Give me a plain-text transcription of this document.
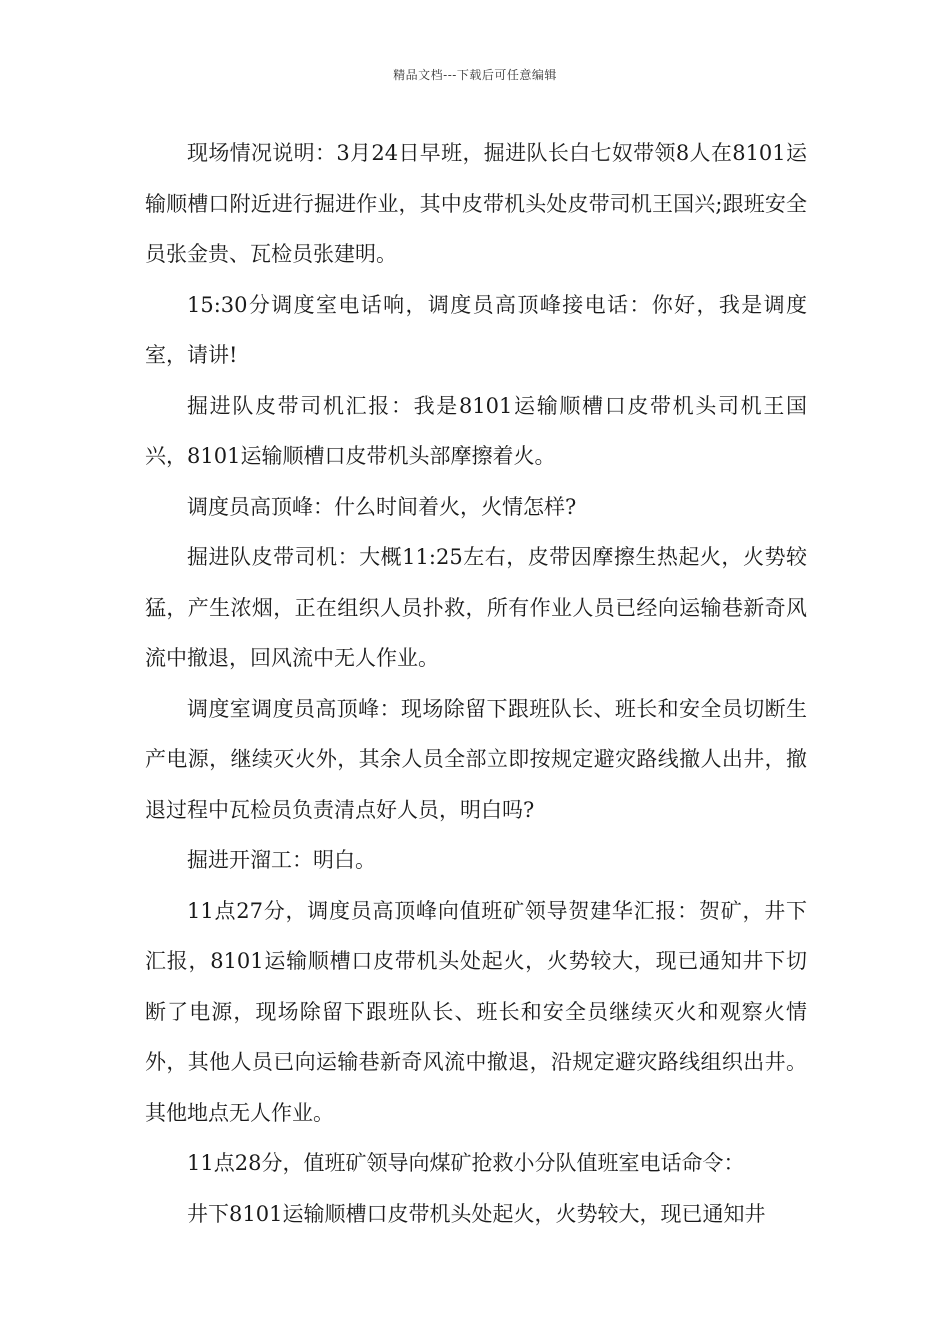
精品文档---下载后可任意编辑

现场情况说明：3月24日早班，掘进队长白七奴带领8人在8101运输顺槽口附近进行掘进作业，其中皮带机头处皮带司机王国兴;跟班安全员张金贵、瓦检员张建明。

15:30分调度室电话响，调度员高顶峰接电话：你好，我是调度室，请讲!

掘进队皮带司机汇报：我是8101运输顺槽口皮带机头司机王国兴，8101运输顺槽口皮带机头部摩擦着火。

调度员高顶峰：什么时间着火，火情怎样?

掘进队皮带司机：大概11:25左右，皮带因摩擦生热起火，火势较猛，产生浓烟，正在组织人员扑救，所有作业人员已经向运输巷新奇风流中撤退，回风流中无人作业。

调度室调度员高顶峰：现场除留下跟班队长、班长和安全员切断生产电源，继续灭火外，其余人员全部立即按规定避灾路线撤人出井，撤退过程中瓦检员负责清点好人员，明白吗?

掘进开溜工：明白。

11点27分，调度员高顶峰向值班矿领导贺建华汇报：贺矿，井下汇报，8101运输顺槽口皮带机头处起火，火势较大，现已通知井下切断了电源，现场除留下跟班队长、班长和安全员继续灭火和观察火情外，其他人员已向运输巷新奇风流中撤退，沿规定避灾路线组织出井。其他地点无人作业。

11点28分，值班矿领导向煤矿抢救小分队值班室电话命令：

井下8101运输顺槽口皮带机头处起火，火势较大，现已通知井
